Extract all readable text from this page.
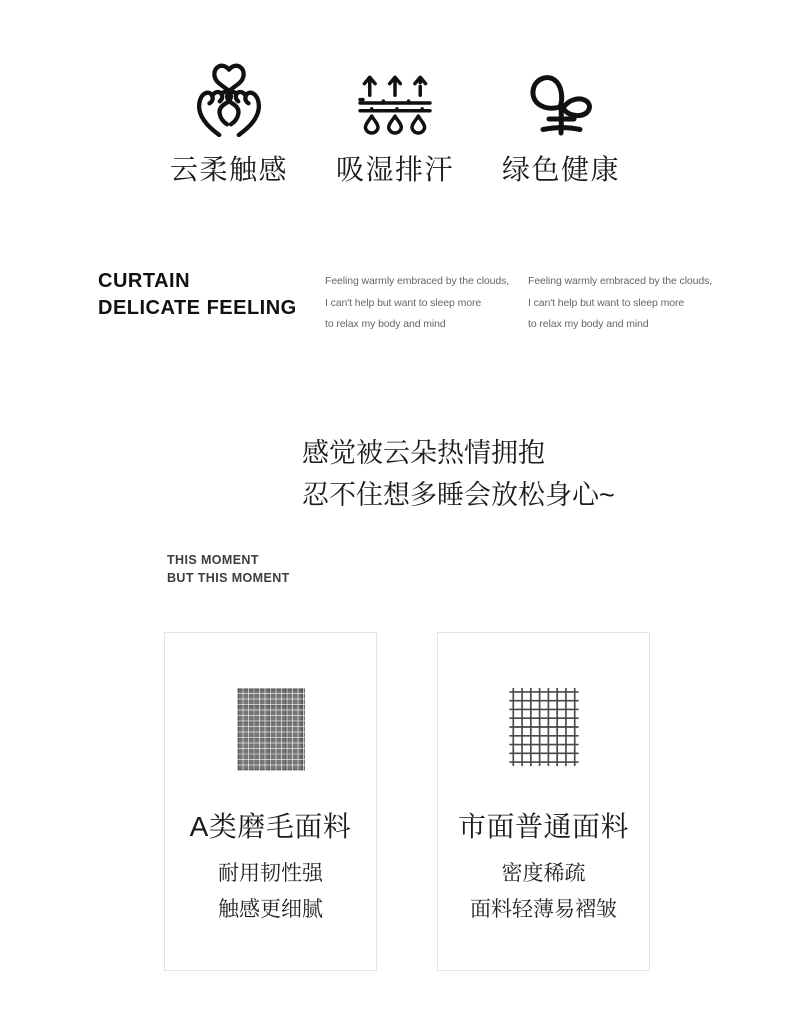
云柔触感 吸湿排汗 绿色健康
CURTAIN
DELICATE FEELING
Feeling warmly embraced by the clouds,
I can't help but want to sleep more
to relax my body and mind
Feeling warmly embraced by the clouds,
I can't help but want to sleep more
to relax my body and mind
感觉被云朵热情拥抱
忍不住想多睡会放松身心~
THIS MOMENT
BUT THIS MOMENT
A类磨毛面料
耐用韧性强
触感更细腻
市面普通面料
密度稀疏
面料轻薄易褶皱
